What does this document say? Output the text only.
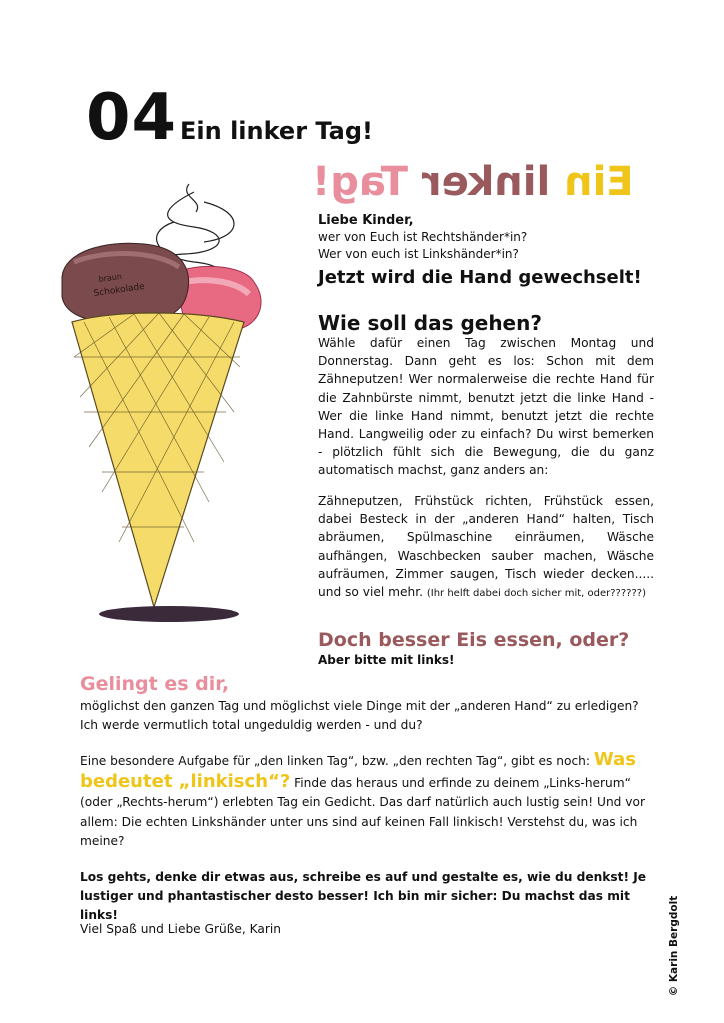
04 Ein linker Tag!
Ein linker Tag!
braun
Schokolade
Liebe Kinder,
wer von Euch ist Rechtshänder*in?
Wer von euch ist Linkshänder*in?
Jetzt wird die Hand gewechselt!
Wie soll das gehen?
Wähle dafür einen Tag zwischen Montag und Donnerstag. Dann geht es los: Schon mit dem Zähneputzen! Wer normalerweise die rechte Hand für die Zahnbürste nimmt, benutzt jetzt die linke Hand - Wer die linke Hand nimmt, benutzt jetzt die rechte Hand. Langweilig oder zu einfach? Du wirst bemerken - plötzlich fühlt sich die Bewegung, die du ganz automatisch machst, ganz anders an:
Zähneputzen, Frühstück richten, Frühstück essen, dabei Besteck in der „anderen Hand“ halten, Tisch abräumen, Spülmaschine einräumen, Wäsche aufhängen, Waschbecken sauber machen, Wäsche aufräumen, Zimmer saugen, Tisch wieder decken..... und so viel mehr. (Ihr helft dabei doch sicher mit, oder??????)
Doch besser Eis essen, oder?
Aber bitte mit links!
Gelingt es dir,
möglichst den ganzen Tag und möglichst viele Dinge mit der „anderen Hand“ zu erledigen? Ich werde vermutlich total ungeduldig werden - und du?
Eine besondere Aufgabe für „den linken Tag“, bzw. „den rechten Tag“, gibt es noch: Was bedeutet „linkisch“? Finde das heraus und erfinde zu deinem „Links-herum“ (oder „Rechts-herum“) erlebten Tag ein Gedicht. Das darf natürlich auch lustig sein! Und vor allem: Die echten Linkshänder unter uns sind auf keinen Fall linkisch! Verstehst du, was ich meine?
Los gehts, denke dir etwas aus, schreibe es auf und gestalte es, wie du denkst! Je lustiger und phantastischer desto besser! Ich bin mir sicher: Du machst das mit links!
Viel Spaß und Liebe Grüße, Karin	© Karin Bergdolt
